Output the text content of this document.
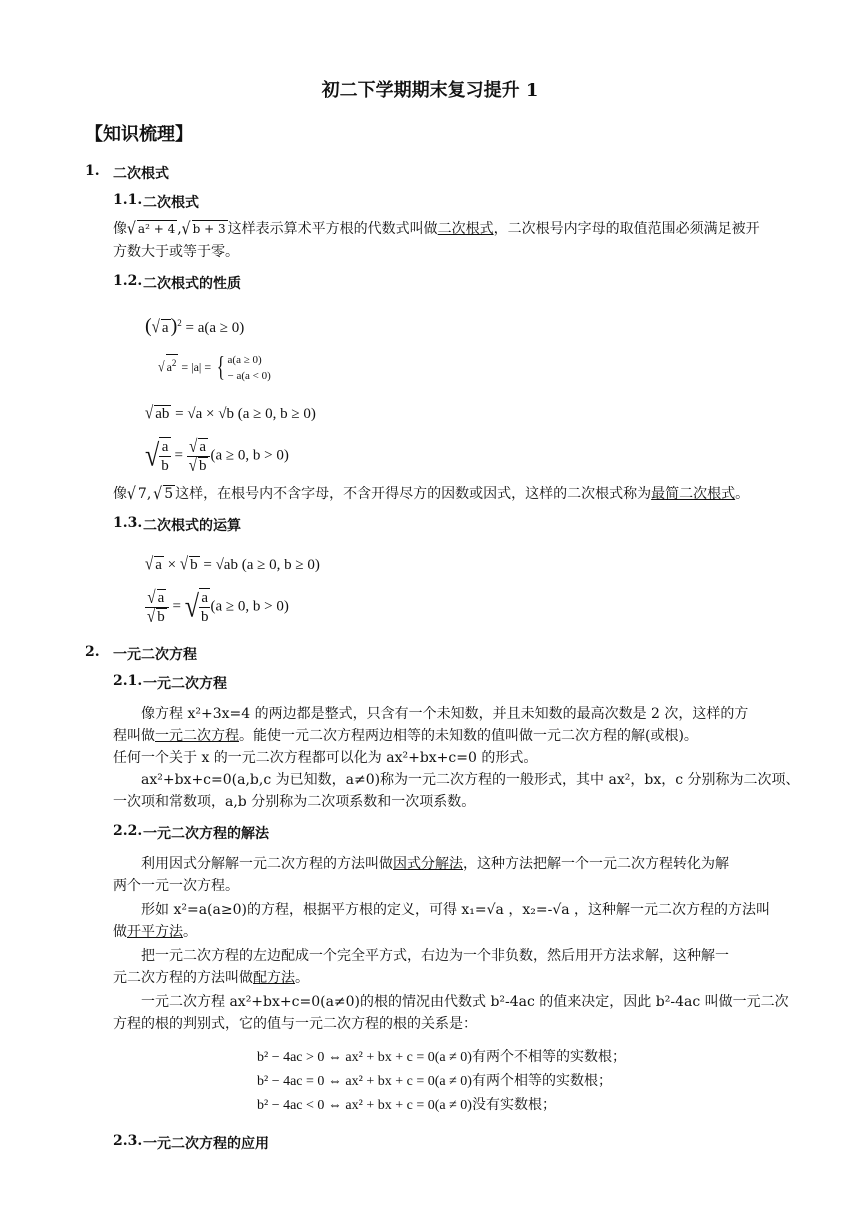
初二下学期期末复习提升 1
【知识梳理】
1. 二次根式
1.1. 二次根式
像√ a² + 4 ,√ b + 3 这样表示算术平方根的代数式叫做二次根式，二次根号内字母的取值范围必须满足被开
方数大于或等于零。
1.2. 二次根式的性质
(√ a )$^2$ = a(a ≥ 0)
√ $a^2 = |a|$ = { a(a ≥ 0)
− a(a < 0)
√ ab = √a × √b (a ≥ 0, b ≥ 0)
√ $\frac{a}{b} = \frac{√ a}{√ b} (a \ge 0$, b > 0)
像√ 7, √ 5 这样，在根号内不含字母，不含开得尽方的因数或因式，这样的二次根式称为最简二次根式。
1.3. 二次根式的运算
√ a × √ b = √ab (a ≥ 0, b ≥ 0)
$\frac{√ a}{√ b}$ = √ $\frac{a}{b} (a \ge 0$, b > 0)
2. 一元二次方程
2.1. 一元二次方程
像方程 x²+3x=4 的两边都是整式，只含有一个未知数，并且未知数的最高次数是 2 次，这样的方
程叫做一元二次方程。能使一元二次方程两边相等的未知数的值叫做一元二次方程的解(或根)。
任何一个关于 x 的一元二次方程都可以化为 ax²+bx+c=0 的形式。
ax²+bx+c=0(a,b,c 为已知数，a≠0)称为一元二次方程的一般形式，其中 ax²，bx，c 分别称为二次项、
一次项和常数项，a,b 分别称为二次项系数和一次项系数。
2.2. 一元二次方程的解法
利用因式分解解一元二次方程的方法叫做因式分解法，这种方法把解一个一元二次方程转化为解
两个一元一次方程。
形如 x²=a(a≥0)的方程，根据平方根的定义，可得 x₁=√a ，x₂=-√a ，这种解一元二次方程的方法叫
做开平方法。
把一元二次方程的左边配成一个完全平方式，右边为一个非负数，然后用开方法求解，这种解一
元二次方程的方法叫做配方法。
一元二次方程 ax²+bx+c=0(a≠0)的根的情况由代数式 b²-4ac 的值来决定，因此 b²-4ac 叫做一元二次
方程的根的判别式，它的值与一元二次方程的根的关系是：
b² − 4ac > 0 ⇔ ax² + bx + c = 0(a ≠ 0)有两个不相等的实数根；
b² − 4ac = 0 ⇔ ax² + bx + c = 0(a ≠ 0)有两个相等的实数根；
b² − 4ac < 0 ⇔ ax² + bx + c = 0(a ≠ 0)没有实数根；
2.3. 一元二次方程的应用
